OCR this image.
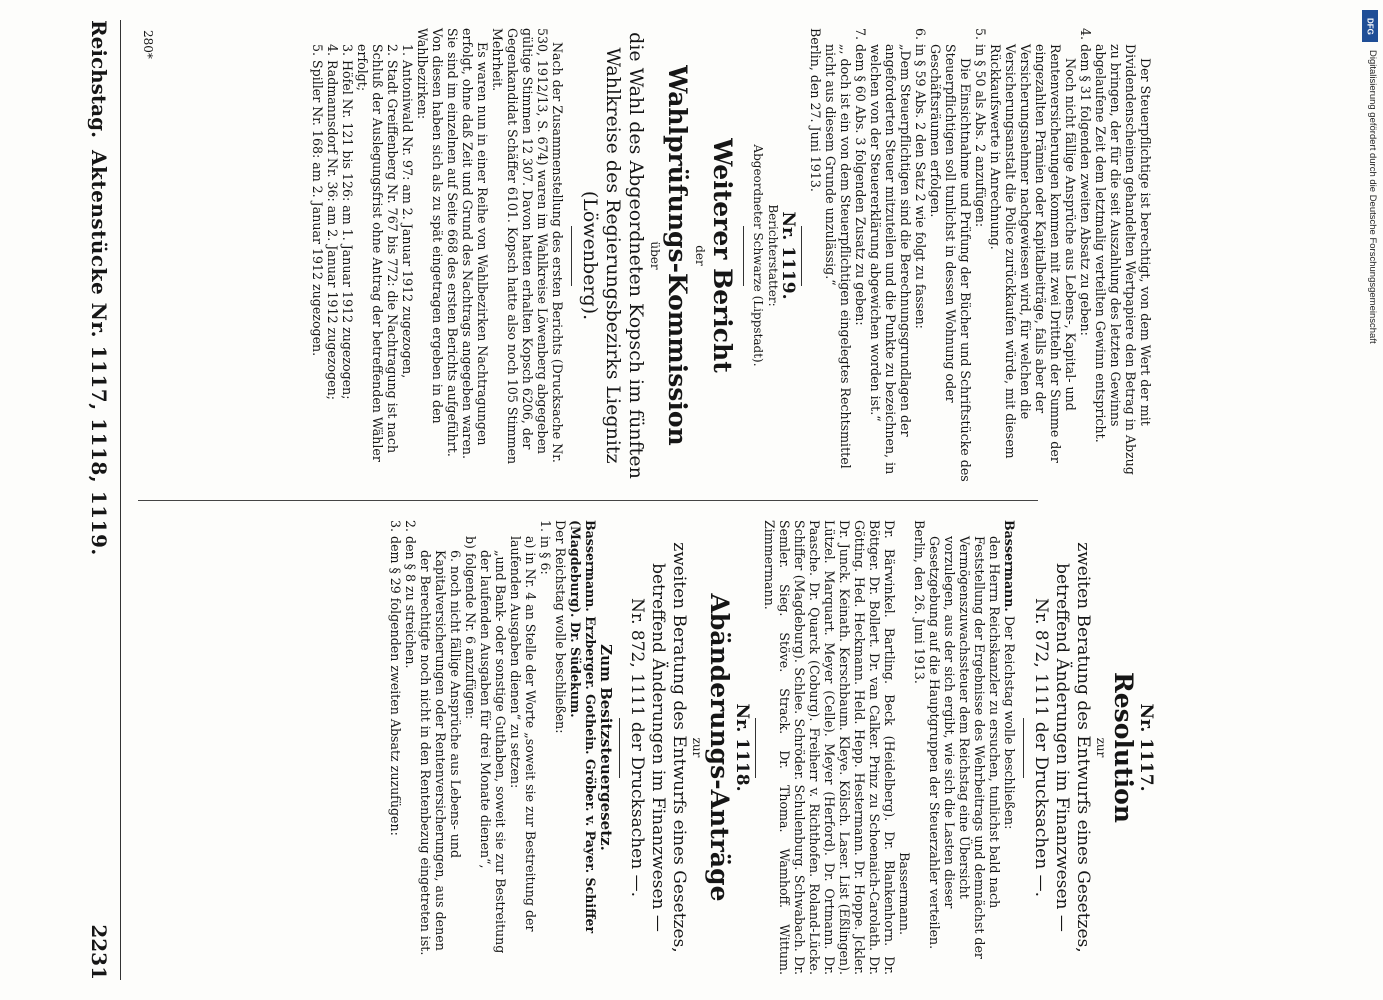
Reichstag.
Aktenstücke Nr. 1117, 1118, 1119.
2231

Nr. 1117.

Resolution

zur

zweiten Beratung des Entwurfs eines Gesetzes,

betreffend Änderungen im Finanzwesen —

Nr. 872, 1111 der Drucksachen —.

Bassermann. Der Reichstag wolle beschließen:

den Herrn Reichskanzler zu ersuchen, tunlichst bald nach Feststellung der Ergebnisse des Wehrbeitrags und demnächst der Vermögenszuwachssteuer dem Reichstag eine Übersicht vorzulegen, aus der sich ergibt, wie sich die Lasten dieser Gesetzgebung auf die Hauptgruppen der Steuerzahler verteilen.

Berlin, den 26. Juni 1913.

Bassermann.

Dr. Bärwinkel. Bartling. Beck (Heidelberg). Dr. Blankenhorn. Dr. Böttger. Dr. Bollert. Dr. van Calker. Prinz zu Schoenaich-Carolath. Dr. Götting. Hed. Heckmann. Held. Hepp. Hestermann. Dr. Hoppe. Jckler. Dr. Junck. Keinath. Kerschbaum. Kleye. Kölsch. Laser. List (Eßlingen). Lützel. Marquart. Meyer (Celle). Meyer (Herford). Dr. Ortmann. Dr. Paasche. Dr. Quarck (Coburg). Freiherr v. Richthofen. Roland-Lücke. Schiffer (Magdeburg). Schlee. Schröder. Schulenburg. Schwabach. Dr. Semler. Sieg. Stöve. Strack. Dr. Thoma. Wamhoff. Wittum. Zimmermann.

Nr. 1118.

Abänderungs-Anträge

zur

zweiten Beratung des Entwurfs eines Gesetzes,

betreffend Änderungen im Finanzwesen —

Nr. 872, 1111 der Drucksachen —.

Zum Besitzsteuergesetz.

Bassermann. Erzberger. Gothein. Gröber. v. Payer. Schiffer (Magdeburg). Dr. Südekum.

Der Reichstag wolle beschließen:

1. in § 6:

a) in Nr. 4 an Stelle der Worte „soweit sie zur Bestreitung der laufenden Ausgaben dienen“ zu setzen:

„und Bank- oder sonstige Guthaben, soweit sie zur Bestreitung der laufenden Ausgaben für drei Monate dienen“,

b) folgende Nr. 6 anzufügen:

6. noch nicht fällige Ansprüche aus Lebens- und Kapitalversicherungen oder Rentenversicherungen, aus denen der Berechtigte noch nicht in den Rentenbezug eingetreten ist.

2. den § 8 zu streichen.

3. dem § 29 folgenden zweiten Absatz zuzufügen:

Der Steuerpflichtige ist berechtigt, von dem Wert der mit Dividendenscheinen gehandelten Wertpapiere den Betrag in Abzug zu bringen, der für die seit Auszahlung des letzten Gewinns abgelaufene Zeit dem letztmalig verteilten Gewinn entspricht.

4. dem § 31 folgenden zweiten Absatz zu geben:

Noch nicht fällige Ansprüche aus Lebens-, Kapital- und Rentenversicherungen kommen mit zwei Dritteln der Summe der eingezahlten Prämien oder Kapitalbeiträge, falls aber der Versicherungsnehmer nachgewiesen wird, für welchen die Versicherungsanstalt die Police zurückkaufen würde, mit diesem Rückkaufswerte in Anrechnung.

5. in § 50 als Abs. 2 anzufügen:

Die Einsichtnahme und Prüfung der Bücher und Schriftstücke des Steuerpflichtigen soll tunlichst in dessen Wohnung oder Geschäftsräumen erfolgen.

6. in § 59 Abs. 2 den Satz 2 wie folgt zu fassen:

„Dem Steuerpflichtigen sind die Berechnungsgrundlagen der angeforderten Steuer mitzuteilen und die Punkte zu bezeichnen, in welchen von der Steuererklärung abgewichen worden ist.“

7. dem § 60 Abs. 3 folgenden Zusatz zu geben:

„, doch ist ein von dem Steuerpflichtigen eingelegtes Rechtsmittel nicht aus diesem Grunde unzulässig.“

Berlin, den 27. Juni 1913.

Nr. 1119.

Berichterstatter:

Abgeordneter Schwarze (Lippstadt).

Weiterer Bericht

der

Wahlprüfungs-Kommission

über

die Wahl des Abgeordneten Kopsch im fünften

Wahlkreise des Regierungsbezirks Liegnitz

(Löwenberg).

Nach der Zusammenstellung des ersten Berichts (Drucksache Nr. 530, 1912/13, S. 674) waren im Wahlkreise Löwenberg abgegeben gültige Stimmen 12 307. Davon hatten erhalten Kopsch 6206, der Gegenkandidat Schäffer 6101. Kopsch hatte also noch 105 Stimmen Mehrheit.

Es waren nun in einer Reihe von Wahlbezirken Nachtragungen erfolgt, ohne daß Zeit und Grund des Nachtrags angegeben waren. Sie sind im einzelnen auf Seite 668 des ersten Berichts aufgeführt. Von diesen haben sich als zu spät eingetragen ergeben in den Wahlbezirken:

1. Antoniwald Nr. 97: am 2. Januar 1912 zugezogen,

2. Stadt Greiffenberg Nr. 767 bis 772: die Nachtragung ist nach Schluß der Auslegungsfrist ohne Antrag der betreffenden Wähler erfolgt;

3. Höfel Nr. 121 bis 126: am 1. Januar 1912 zugezogen;

4. Radmannsdorf Nr. 36: am 2. Januar 1912 zugezogen;

5. Spiller Nr. 168: am 2. Januar 1912 zugezogen.

280*
DFG
Digitalisierung gefördert durch die Deutsche Forschungsgemeinschaft
